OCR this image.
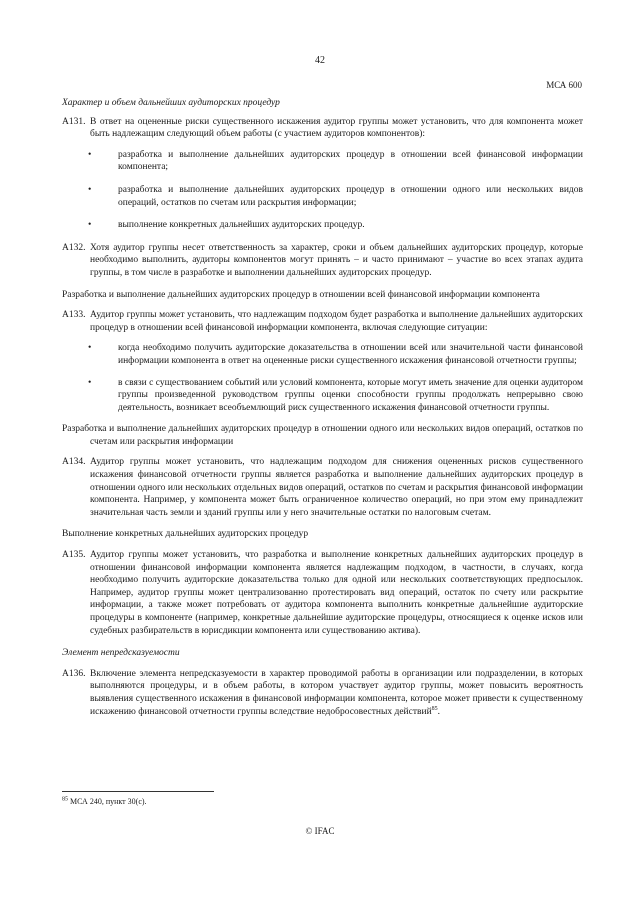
42
МСА 600

Характер и объем дальнейших аудиторских процедур

A131. В ответ на оцененные риски существенного искажения аудитор группы может установить, что для компонента может быть надлежащим следующий объем работы (с участием аудиторов компонентов):

•	разработка и выполнение дальнейших аудиторских процедур в отношении всей финансовой информации компонента;
•	разработка и выполнение дальнейших аудиторских процедур в отношении одного или нескольких видов операций, остатков по счетам или раскрытия информации;
•	выполнение конкретных дальнейших аудиторских процедур.
A132. Хотя аудитор группы несет ответственность за характер, сроки и объем дальнейших аудиторских процедур, которые необходимо выполнить, аудиторы компонентов могут принять – и часто принимают – участие во всех этапах аудита группы, в том числе в разработке и выполнении дальнейших аудиторских процедур.

Разработка и выполнение дальнейших аудиторских процедур в отношении всей финансовой информации компонента

A133. Аудитор группы может установить, что надлежащим подходом будет разработка и выполнение дальнейших аудиторских процедур в отношении всей финансовой информации компонента, включая следующие ситуации:

•	когда необходимо получить аудиторские доказательства в отношении всей или значительной части финансовой информации компонента в ответ на оцененные риски существенного искажения финансовой отчетности группы;
•	в связи с существованием событий или условий компонента, которые могут иметь значение для оценки аудитором группы произведенной руководством группы оценки способности группы продолжать непрерывно свою деятельность, возникает всеобъемлющий риск существенного искажения финансовой отчетности группы.

Разработка и выполнение дальнейших аудиторских процедур в отношении одного или нескольких видов операций, остатков по счетам или раскрытия информации

A134. Аудитор группы может установить, что надлежащим подходом для снижения оцененных рисков существенного искажения финансовой отчетности группы является разработка и выполнение дальнейших аудиторских процедур в отношении одного или нескольких отдельных видов операций, остатков по счетам и раскрытия финансовой информации компонента. Например, у компонента может быть ограниченное количество операций, но при этом ему принадлежит значительная часть земли и зданий группы или у него значительные остатки по налоговым счетам.

Выполнение конкретных дальнейших аудиторских процедур

A135. Аудитор группы может установить, что разработка и выполнение конкретных дальнейших аудиторских процедур в отношении финансовой информации компонента является надлежащим подходом, в частности, в случаях, когда необходимо получить аудиторские доказательства только для одной или нескольких соответствующих предпосылок. Например, аудитор группы может централизованно протестировать вид операций, остаток по счету или раскрытие информации, а также может потребовать от аудитора компонента выполнить конкретные дальнейшие аудиторские процедуры в компоненте (например, конкретные дальнейшие аудиторские процедуры, относящиеся к оценке исков или судебных разбирательств в юрисдикции компонента или существованию актива).

Элемент непредсказуемости

A136. Включение элемента непредсказуемости в характер проводимой работы в организации или подразделении, в которых выполняются процедуры, и в объем работы, в котором участвует аудитор группы, может повысить вероятность выявления существенного искажения в финансовой информации компонента, которое может привести к существенному искажению финансовой отчетности группы вследствие недобросовестных действий$^{85}$.

$^{85}$ МСА 240, пункт 30(c).
© IFAC
